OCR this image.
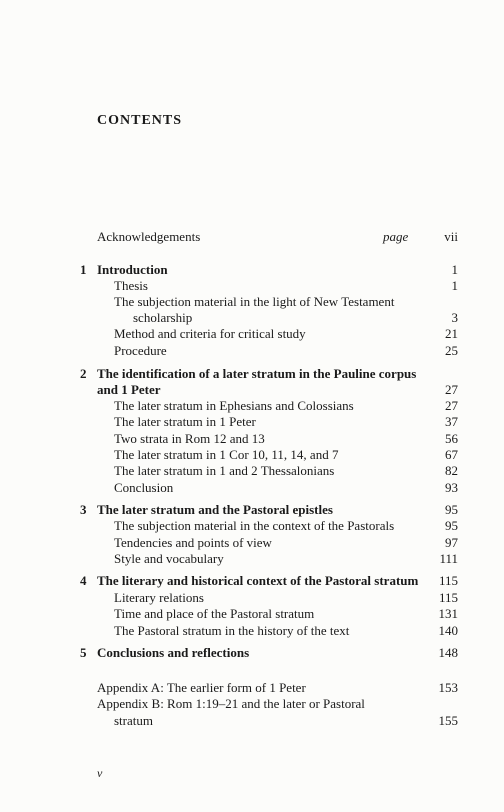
CONTENTS
Acknowledgements	page	vii
1 Introduction	1
Thesis	1
The subjection material in the light of New Testament
scholarship	3
Method and criteria for critical study	21
Procedure	25
2 The identification of a later stratum in the Pauline corpus
and 1 Peter	27
The later stratum in Ephesians and Colossians	27
The later stratum in 1 Peter	37
Two strata in Rom 12 and 13	56
The later stratum in 1 Cor 10, 11, 14, and 7	67
The later stratum in 1 and 2 Thessalonians	82
Conclusion	93
3 The later stratum and the Pastoral epistles	95
The subjection material in the context of the Pastorals	95
Tendencies and points of view	97
Style and vocabulary	111
4 The literary and historical context of the Pastoral stratum 115
Literary relations	115
Time and place of the Pastoral stratum	131
The Pastoral stratum in the history of the text	140
5 Conclusions and reflections	148
Appendix A: The earlier form of 1 Peter	153
Appendix B: Rom 1:19–21 and the later or Pastoral
stratum	155
v
